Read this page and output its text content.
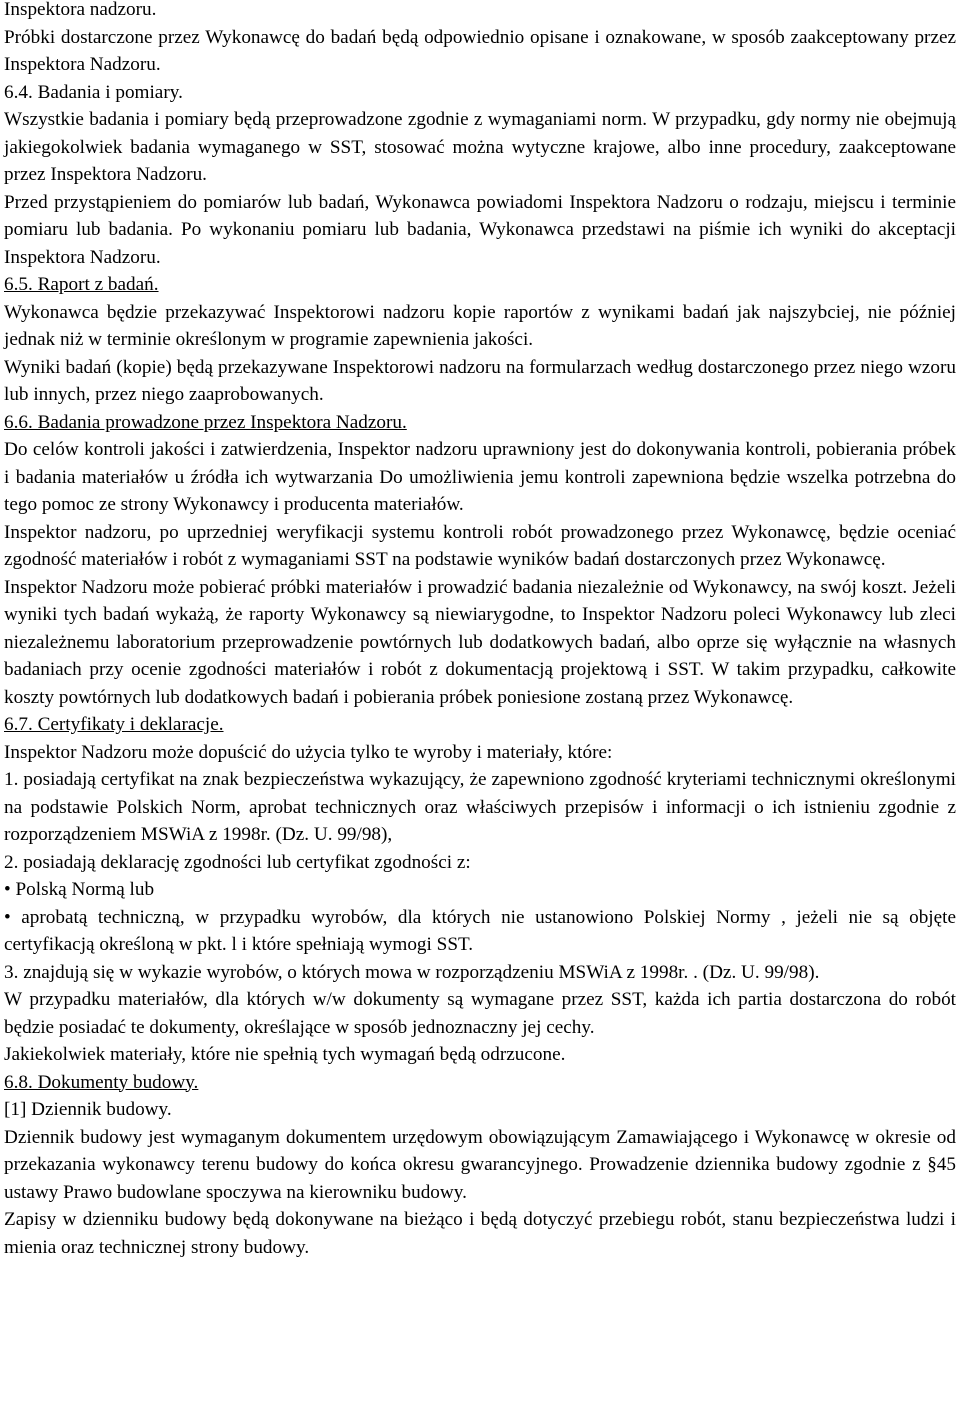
Inspektora nadzoru.

Próbki dostarczone przez Wykonawcę do badań będą odpowiednio opisane i oznakowane, w sposób zaakceptowany przez Inspektora Nadzoru.

6.4. Badania i pomiary.

Wszystkie badania i pomiary będą przeprowadzone zgodnie z wymaganiami norm. W przypadku, gdy normy nie obejmują jakiegokolwiek badania wymaganego w SST, stosować można wytyczne krajowe, albo inne procedury, zaakceptowane przez Inspektora Nadzoru.

Przed przystąpieniem do pomiarów lub badań, Wykonawca powiadomi Inspektora Nadzoru o rodzaju, miejscu i terminie pomiaru lub badania. Po wykonaniu pomiaru lub badania, Wykonawca przedstawi na piśmie ich wyniki do akceptacji Inspektora Nadzoru.

6.5. Raport z badań.

Wykonawca będzie przekazywać Inspektorowi nadzoru kopie raportów z wynikami badań jak najszybciej, nie później jednak niż w terminie określonym w programie zapewnienia jakości.

Wyniki badań (kopie) będą przekazywane Inspektorowi nadzoru na formularzach według dostarczonego przez niego wzoru lub innych, przez niego zaaprobowanych.

6.6. Badania prowadzone przez Inspektora Nadzoru.

Do celów kontroli jakości i zatwierdzenia, Inspektor nadzoru uprawniony jest do dokonywania kontroli, pobierania próbek i badania materiałów u źródła ich wytwarzania Do umożliwienia jemu kontroli zapewniona będzie wszelka potrzebna do tego pomoc ze strony Wykonawcy i producenta materiałów.

Inspektor nadzoru, po uprzedniej weryfikacji systemu kontroli robót prowadzonego przez Wykonawcę, będzie oceniać zgodność materiałów i robót z wymaganiami SST na podstawie wyników badań dostarczonych przez Wykonawcę.

Inspektor Nadzoru może pobierać próbki materiałów i prowadzić badania niezależnie od Wykonawcy, na swój koszt. Jeżeli wyniki tych badań wykażą, że raporty Wykonawcy są niewiarygodne, to Inspektor Nadzoru poleci Wykonawcy lub zleci niezależnemu laboratorium przeprowadzenie powtórnych lub dodatkowych badań, albo oprze się wyłącznie na własnych badaniach przy ocenie zgodności materiałów i robót z dokumentacją projektową i SST. W takim przypadku, całkowite koszty powtórnych lub dodatkowych badań i pobierania próbek poniesione zostaną przez Wykonawcę.

6.7. Certyfikaty i deklaracje.

Inspektor Nadzoru może dopuścić do użycia tylko te wyroby i materiały, które:

1. posiadają certyfikat na znak bezpieczeństwa wykazujący, że zapewniono zgodność kryteriami technicznymi określonymi na podstawie Polskich Norm, aprobat technicznych oraz właściwych przepisów i informacji o ich istnieniu zgodnie z rozporządzeniem MSWiA z 1998r. (Dz. U. 99/98),

2. posiadają deklarację zgodności lub certyfikat zgodności z:

• Polską Normą lub

• aprobatą techniczną, w przypadku wyrobów, dla których nie ustanowiono Polskiej Normy , jeżeli nie są objęte certyfikacją określoną w pkt. l i które spełniają wymogi SST.

3. znajdują się w wykazie wyrobów, o których mowa w rozporządzeniu MSWiA z 1998r. . (Dz. U. 99/98).

W przypadku materiałów, dla których w/w dokumenty są wymagane przez SST, każda ich partia dostarczona do robót będzie posiadać te dokumenty, określające w sposób jednoznaczny jej cechy.

Jakiekolwiek materiały, które nie spełnią tych wymagań będą odrzucone.

6.8. Dokumenty budowy.

[1] Dziennik budowy.

Dziennik budowy jest wymaganym dokumentem urzędowym obowiązującym Zamawiającego i Wykonawcę w okresie od przekazania wykonawcy terenu budowy do końca okresu gwarancyjnego. Prowadzenie dziennika budowy zgodnie z §45 ustawy Prawo budowlane spoczywa na kierowniku budowy.

Zapisy w dzienniku budowy będą dokonywane na bieżąco i będą dotyczyć przebiegu robót, stanu bezpieczeństwa ludzi i mienia oraz technicznej strony budowy.
